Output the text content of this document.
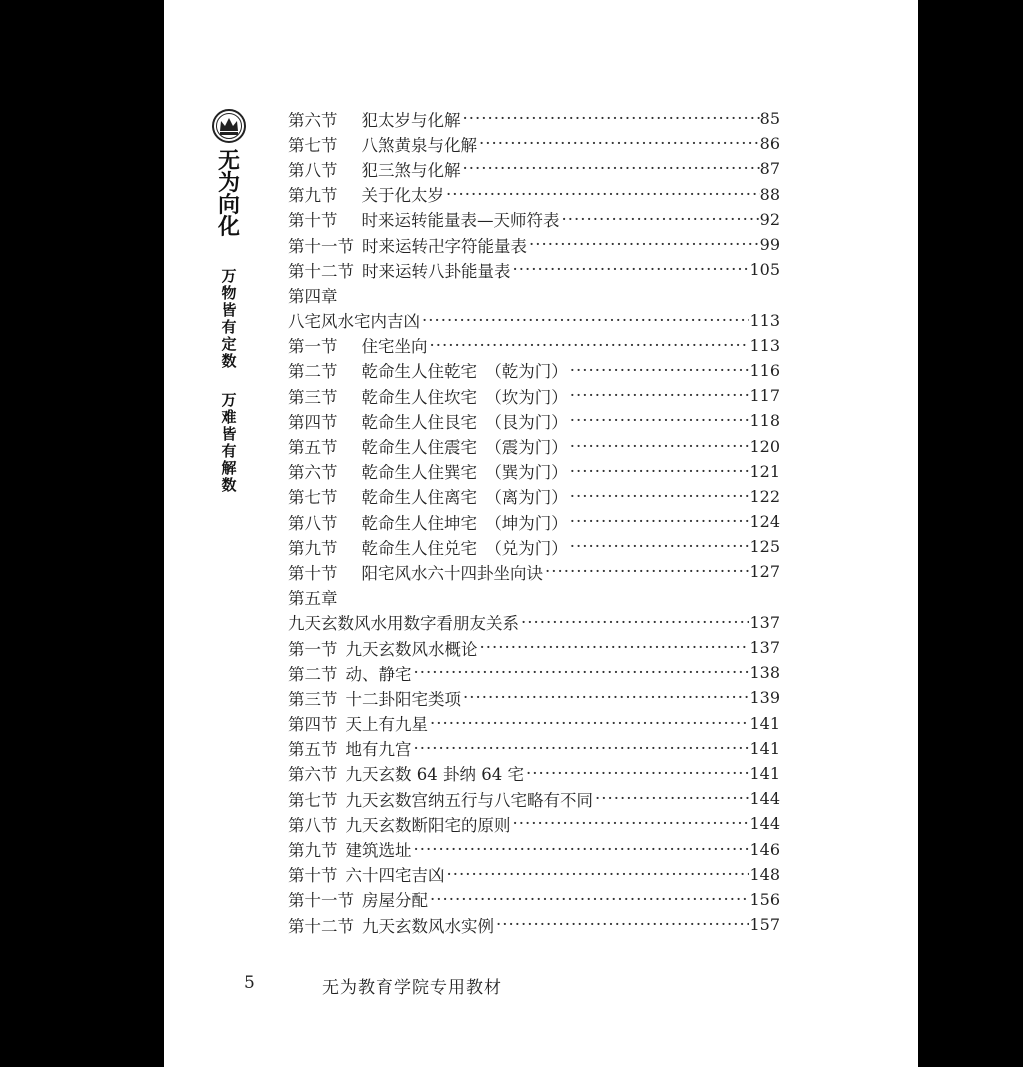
无
为
向
化
万
物
皆
有
定
数
万
难
皆
有
解
数
第六节 犯太岁与化解 ·····	85
第七节 八煞黄泉与化解 ·····	86
第八节 犯三煞与化解 ·····	87
第九节 关于化太岁 ·····	88
第十节 时来运转能量表—天师符表 ·····	92
第十一节 时来运转卍字符能量表 ·····	99
第十二节 时来运转八卦能量表 ·····	105
第四章
八宅风水宅内吉凶 ·····	113
第一节 住宅坐向 ·····	113
第二节 乾命生人住乾宅　（乾为门） ·····	116
第三节 乾命生人住坎宅　（坎为门） ·····	117
第四节 乾命生人住艮宅　（艮为门） ·····	118
第五节 乾命生人住震宅　（震为门） ·····	120
第六节 乾命生人住巽宅　（巽为门） ·····	121
第七节 乾命生人住离宅　（离为门） ·····	122
第八节 乾命生人住坤宅　（坤为门） ·····	124
第九节 乾命生人住兑宅　（兑为门） ·····	125
第十节 阳宅风水六十四卦坐向诀 ·····	127
第五章
九天玄数风水用数字看朋友关系 ·····	137
第一节 九天玄数风水概论 ·····	137
第二节 动、静宅 ·····	138
第三节 十二卦阳宅类项 ·····	139
第四节 天上有九星 ·····	141
第五节 地有九宫 ·····	141
第六节 九天玄数 64 卦纳 64 宅 ·····	141
第七节 九天玄数宫纳五行与八宅略有不同 ·····	144
第八节 九天玄数断阳宅的原则 ·····	144
第九节 建筑选址 ·····	146
第十节 六十四宅吉凶 ·····	148
第十一节 房屋分配 ·····	156
第十二节 九天玄数风水实例 ·····	157
5	无为教育学院专用教材
